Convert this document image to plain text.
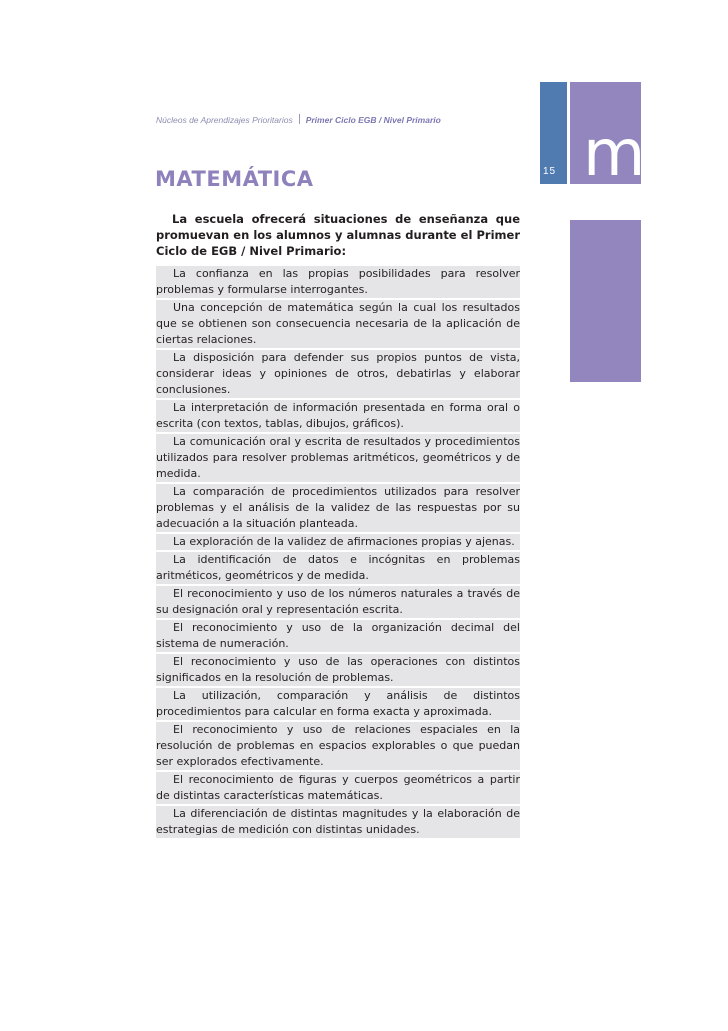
15 m
Núcleos de Aprendizajes Prioritarios Primer Ciclo EGB / Nivel Primario
MATEMÁTICA

La escuela ofrecerá situaciones de enseñanza que promuevan en los alumnos y alumnas durante el Primer Ciclo de EGB / Nivel Primario:

La confianza en las propias posibilidades para resolver problemas y formularse interrogantes.

Una concepción de matemática según la cual los resultados que se obtienen son consecuencia necesaria de la aplicación de ciertas relaciones.

La disposición para defender sus propios puntos de vista, considerar ideas y opiniones de otros, debatirlas y elaborar conclusiones.

La interpretación de información presentada en forma oral o escrita (con textos, tablas, dibujos, gráficos).

La comunicación oral y escrita de resultados y procedimientos utilizados para resolver problemas aritméticos, geométricos y de medida.

La comparación de procedimientos utilizados para resolver problemas y el análisis de la validez de las respuestas por su adecuación a la situación planteada.

La exploración de la validez de afirmaciones propias y ajenas.

La identificación de datos e incógnitas en problemas aritméticos, geométricos y de medida.

El reconocimiento y uso de los números naturales a través de su designación oral y representación escrita.

El reconocimiento y uso de la organización decimal del sistema de numeración.

El reconocimiento y uso de las operaciones con distintos significados en la resolución de problemas.

La utilización, comparación y análisis de distintos procedimientos para calcular en forma exacta y aproximada.

El reconocimiento y uso de relaciones espaciales en la resolución de problemas en espacios explorables o que puedan ser explorados efectivamente.

El reconocimiento de figuras y cuerpos geométricos a partir de distintas características matemáticas.

La diferenciación de distintas magnitudes y la elaboración de estrategias de medición con distintas unidades.
